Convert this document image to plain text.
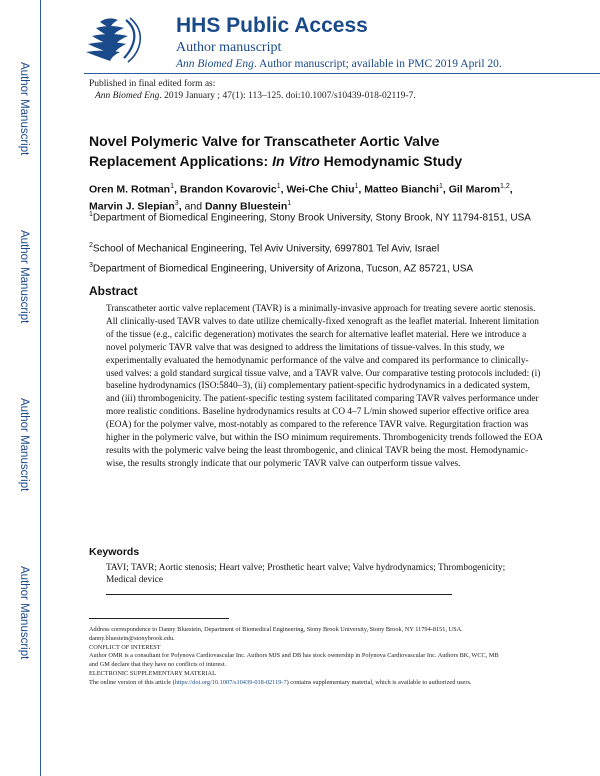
Author Manuscript
Author Manuscript
Author Manuscript
Author Manuscript
HHS Public Access
Author manuscript
Ann Biomed Eng. Author manuscript; available in PMC 2019 April 20.
Published in final edited form as:
Ann Biomed Eng. 2019 January ; 47(1): 113–125. doi:10.1007/s10439-018-02119-7.
Novel Polymeric Valve for Transcatheter Aortic Valve
Replacement Applications: In Vitro Hemodynamic Study
Oren M. Rotman$^1$, Brandon Kovarovic$^1$, Wei-Che Chiu$^1$, Matteo Bianchi$^1$, Gil Marom$^{1,2}$,
Marvin J. Slepian$^3$, and Danny Bluestein$^1$
$^1$Department of Biomedical Engineering, Stony Brook University, Stony Brook, NY 11794-8151, USA
$^2$School of Mechanical Engineering, Tel Aviv University, 6997801 Tel Aviv, Israel
$^3$Department of Biomedical Engineering, University of Arizona, Tucson, AZ 85721, USA
Abstract
Transcatheter aortic valve replacement (TAVR) is a minimally-invasive approach for treating severe aortic stenosis. All clinically-used TAVR valves to date utilize chemically-fixed xenograft as the leaflet material. Inherent limitation of the tissue (e.g., calcific degeneration) motivates the search for alternative leaflet material. Here we introduce a novel polymeric TAVR valve that was designed to address the limitations of tissue-valves. In this study, we experimentally evaluated the hemodynamic performance of the valve and compared its performance to clinically-used valves: a gold standard surgical tissue valve, and a TAVR valve. Our comparative testing protocols included: (i) baseline hydrodynamics (ISO:5840–3), (ii) complementary patient-specific hydrodynamics in a dedicated system, and (iii) thrombogenicity. The patient-specific testing system facilitated comparing TAVR valves performance under more realistic conditions. Baseline hydrodynamics results at CO 4–7 L/min showed superior effective orifice area (EOA) for the polymer valve, most-notably as compared to the reference TAVR valve. Regurgitation fraction was higher in the polymeric valve, but within the ISO minimum requirements. Thrombogenicity trends followed the EOA results with the polymeric valve being the least thrombogenic, and clinical TAVR being the most. Hemodynamic-wise, the results strongly indicate that our polymeric TAVR valve can outperform tissue valves.
Keywords
TAVI; TAVR; Aortic stenosis; Heart valve; Prosthetic heart valve; Valve hydrodynamics; Thrombogenicity; Medical device

Address correspondence to Danny Bluestein, Department of Biomedical Engineering, Stony Brook University, Stony Brook, NY 11794-8151, USA. danny.bluestein@stonybrook.edu.

CONFLICT OF INTEREST

Author OMR is a consultant for Polynova Cardiovascular Inc. Authors MJS and DB has stock ownership in Polynova Cardiovascular Inc. Authors BK, WCC, MB and GM declare that they have no conflicts of interest.

ELECTRONIC SUPPLEMENTARY MATERIAL

The online version of this article (https://doi.org/10.1007/s10439-018-02119-7) contains supplementary material, which is available to authorized users.
